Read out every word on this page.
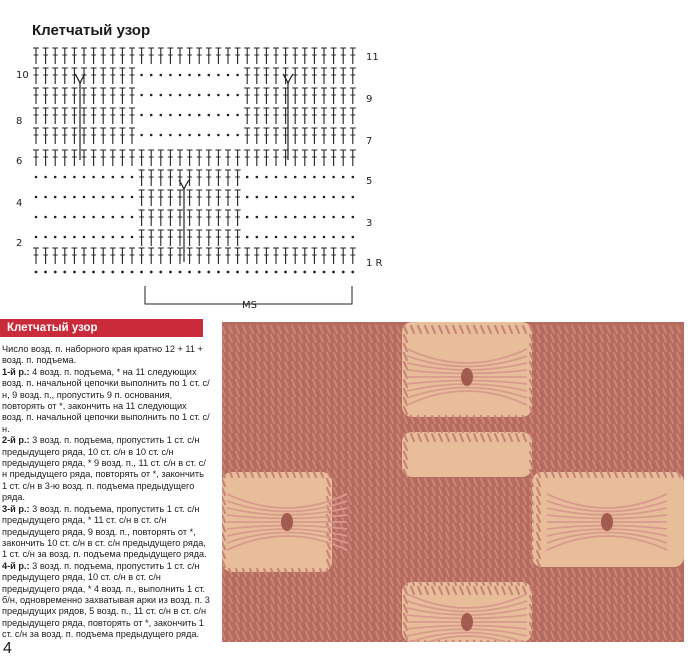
Клетчатый узор
10
8
6
4
2
11
9
7
5
3
1 R
MS
Клетчатый узор

Число возд. п. наборного края кратно 12 + 11 + возд. п. подъема.

1-й р.: 4 возд. п. подъема, * на 11 следующих возд. п. начальной цепочки выполнить по 1 ст. с/н, 9 возд. п., пропустить 9 п. основания, повторять от *, закончить на 11 следующих возд. п. начальной цепочки выполнить по 1 ст. с/н.

2-й р.: 3 возд. п. подъема, пропустить 1 ст. с/н предыдущего ряда, 10 ст. с/н в 10 ст. с/н предыдущего ряда, * 9 возд. п., 11 ст. с/н в ст. с/н предыдущего ряда, повторять от *, закончить 1 ст. с/н в 3-ю возд. п. подъема предыдущего ряда.

3-й р.: 3 возд. п. подъема, пропустить 1 ст. с/н предыдущего ряда, * 11 ст. с/н в ст. с/н предыдущего ряда, 9 возд. п., повторять от *, закончить 10 ст. с/н в ст. с/н предыдущего ряда, 1 ст. с/н за возд. п. подъема предыдущего ряда.

4-й р.: 3 возд. п. подъема, пропустить 1 ст. с/н предыдущего ряда, 10 ст. с/н в ст. с/н предыдущего ряда, * 4 возд. п., выполнить 1 ст. б/н, одновременно захватывая арки из возд. п. 3 предыдущих рядов, 5 возд. п., 11 ст. с/н в ст. с/н предыдущего ряда, повторять от *, закончить 1 ст. с/н за возд. п. подъема предыдущего ряда.

4
